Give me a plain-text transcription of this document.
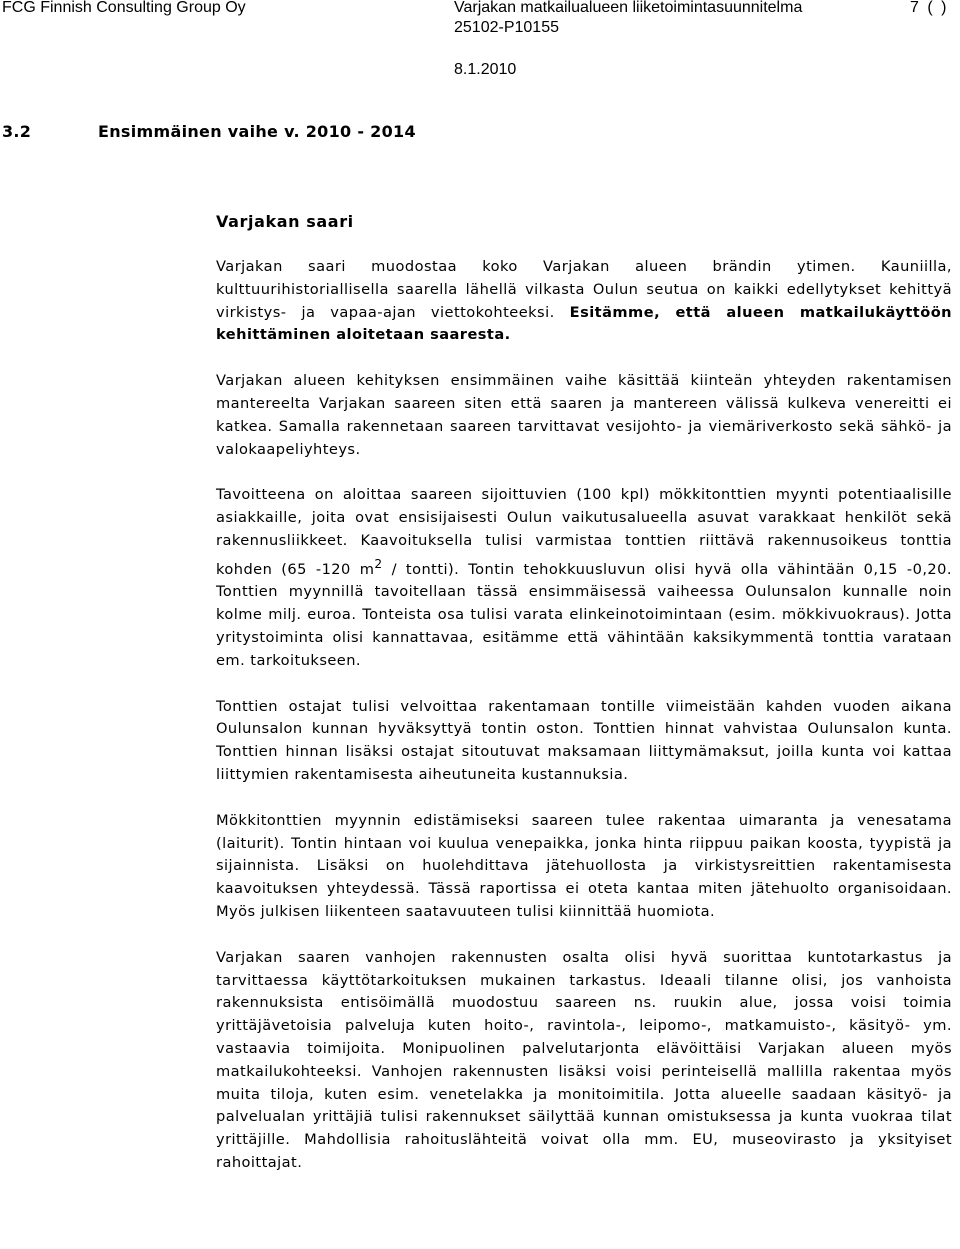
FCG Finnish Consulting Group Oy	Varjakan matkailualueen liiketoimintasuunnitelma
25102-P10155
7 ( )
8.1.2010
3.2	Ensimmäinen vaihe v. 2010 - 2014
Varjakan saari

Varjakan saari muodostaa koko Varjakan alueen brändin ytimen. Kauniilla, kulttuurihistoriallisella saarella lähellä vilkasta Oulun seutua on kaikki edellytykset kehittyä virkistys- ja vapaa-ajan viettokohteeksi. Esitämme, että alueen matkailukäyttöön kehittäminen aloitetaan saaresta.

Varjakan alueen kehityksen ensimmäinen vaihe käsittää kiinteän yhteyden rakentamisen mantereelta Varjakan saareen siten että saaren ja mantereen välissä kulkeva venereitti ei katkea. Samalla rakennetaan saareen tarvittavat vesijohto- ja viemäriverkosto sekä sähkö- ja valokaapeliyhteys.

Tavoitteena on aloittaa saareen sijoittuvien (100 kpl) mökkitonttien myynti potentiaalisille asiakkaille, joita ovat ensisijaisesti Oulun vaikutusalueella asuvat varakkaat henkilöt sekä rakennusliikkeet. Kaavoituksella tulisi varmistaa tonttien riittävä rakennusoikeus tonttia kohden (65 -120 $m^2$ / tontti). Tontin tehokkuusluvun olisi hyvä olla vähintään 0,15 -0,20. Tonttien myynnillä tavoitellaan tässä ensimmäisessä vaiheessa Oulunsalon kunnalle noin kolme milj. euroa. Tonteista osa tulisi varata elinkeinotoimintaan (esim. mökkivuokraus). Jotta yritystoiminta olisi kannattavaa, esitämme että vähintään kaksikymmentä tonttia varataan em. tarkoitukseen.

Tonttien ostajat tulisi velvoittaa rakentamaan tontille viimeistään kahden vuoden aikana Oulunsalon kunnan hyväksyttyä tontin oston. Tonttien hinnat vahvistaa Oulunsalon kunta. Tonttien hinnan lisäksi ostajat sitoutuvat maksamaan liittymämaksut, joilla kunta voi kattaa liittymien rakentamisesta aiheutuneita kustannuksia.

Mökkitonttien myynnin edistämiseksi saareen tulee rakentaa uimaranta ja venesatama (laiturit). Tontin hintaan voi kuulua venepaikka, jonka hinta riippuu paikan koosta, tyypistä ja sijainnista. Lisäksi on huolehdittava jätehuollosta ja virkistysreittien rakentamisesta kaavoituksen yhteydessä. Tässä raportissa ei oteta kantaa miten jätehuolto organisoidaan. Myös julkisen liikenteen saatavuuteen tulisi kiinnittää huomiota.

Varjakan saaren vanhojen rakennusten osalta olisi hyvä suorittaa kuntotarkastus ja tarvittaessa käyttötarkoituksen mukainen tarkastus. Ideaali tilanne olisi, jos vanhoista rakennuksista entisöimällä muodostuu saareen ns. ruukin alue, jossa voisi toimia yrittäjävetoisia palveluja kuten hoito-, ravintola-, leipomo-, matkamuisto-, käsityö- ym. vastaavia toimijoita. Monipuolinen palvelutarjonta elävöittäisi Varjakan alueen myös matkailukohteeksi. Vanhojen rakennusten lisäksi voisi perinteisellä mallilla rakentaa myös muita tiloja, kuten esim. venetelakka ja monitoimitila. Jotta alueelle saadaan käsityö- ja palvelualan yrittäjiä tulisi rakennukset säilyttää kunnan omistuksessa ja kunta vuokraa tilat yrittäjille. Mahdollisia rahoituslähteitä voivat olla mm. EU, museovirasto ja yksityiset rahoittajat.
